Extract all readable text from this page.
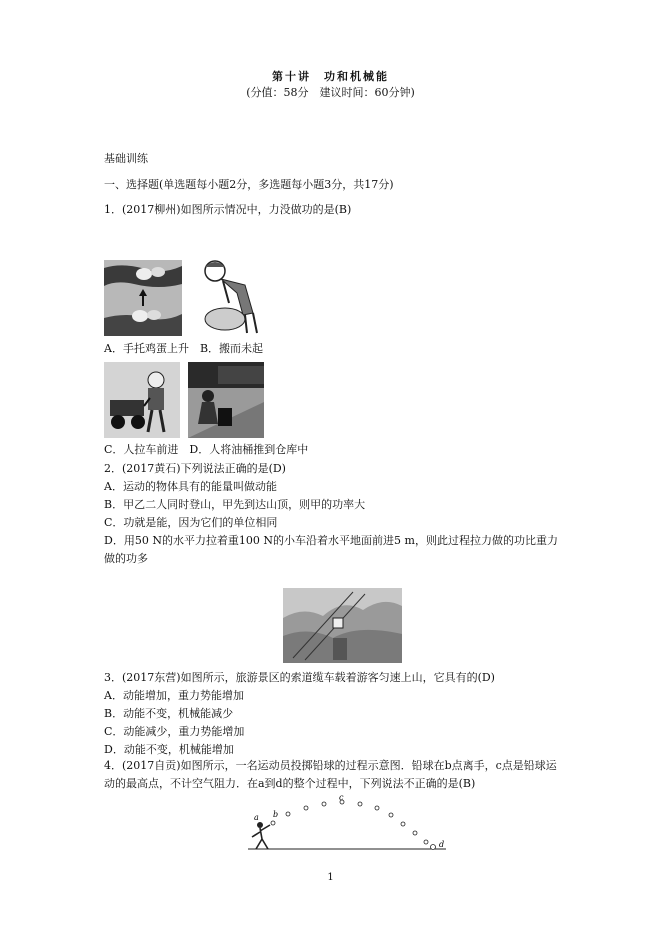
第十讲　功和机械能
(分值：58分　建议时间：60分钟)
基础训练
一、选择题(单选题每小题2分，多选题每小题3分，共17分)
1．(2017柳州)如图所示情况中，力没做功的是(B)
A．手托鸡蛋上升　B．搬而未起
C．人拉车前进　D．人将油桶推到仓库中
2．(2017黄石)下列说法正确的是(D)
A．运动的物体具有的能量叫做动能
B．甲乙二人同时登山，甲先到达山顶，则甲的功率大
C．功就是能，因为它们的单位相同
D．用50 N的水平力拉着重100 N的小车沿着水平地面前进5 m，则此过程拉力做的功比重力
做的功多
3．(2017东营)如图所示，旅游景区的索道缆车载着游客匀速上山，它具有的(D)
A．动能增加，重力势能增加
B．动能不变，机械能减少
C．动能减少，重力势能增加
D．动能不变，机械能增加
4．(2017自贡)如图所示，一名运动员投掷铅球的过程示意图．铅球在b点离手，c点是铅球运
动的最高点，不计空气阻力．在a到d的整个过程中，下列说法不正确的是(B)
a b
c
d
1
